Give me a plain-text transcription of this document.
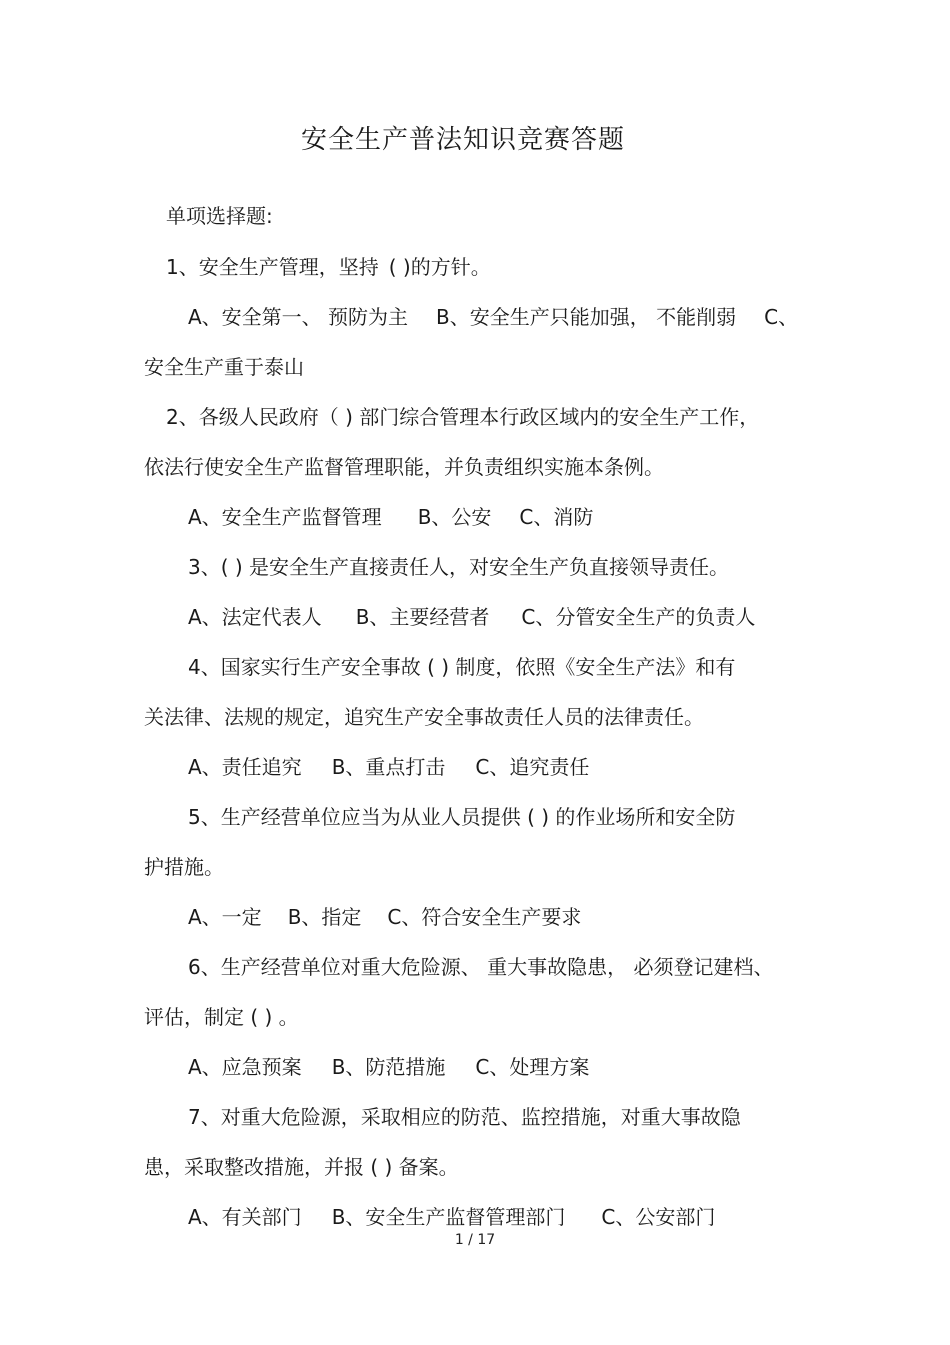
安全生产普法知识竞赛答题
单项选择题:
1、安全生产管理，坚持 ( )的方针。
A、安全第一、 预防为主 B、安全生产只能加强， 不能削弱 C、
安全生产重于泰山
2、各级人民政府（ ) 部门综合管理本行政区域内的安全生产工作，
依法行使安全生产监督管理职能，并负责组织实施本条例。
A、安全生产监督管理 B、公安 C、消防
3、( ) 是安全生产直接责任人，对安全生产负直接领导责任。
A、法定代表人 B、主要经营者 C、分管安全生产的负责人
4、国家实行生产安全事故 ( ) 制度，依照《安全生产法》和有
关法律、法规的规定，追究生产安全事故责任人员的法律责任。
A、责任追究 B、重点打击 C、追究责任
5、生产经营单位应当为从业人员提供 ( ) 的作业场所和安全防
护措施。
A、一定 B、指定 C、符合安全生产要求
6、生产经营单位对重大危险源、 重大事故隐患， 必须登记建档、
评估，制定 ( ) 。
A、应急预案 B、防范措施 C、处理方案
7、对重大危险源，采取相应的防范、监控措施，对重大事故隐
患，采取整改措施，并报 ( ) 备案。
A、有关部门 B、安全生产监督管理部门 C、公安部门
1 / 17
